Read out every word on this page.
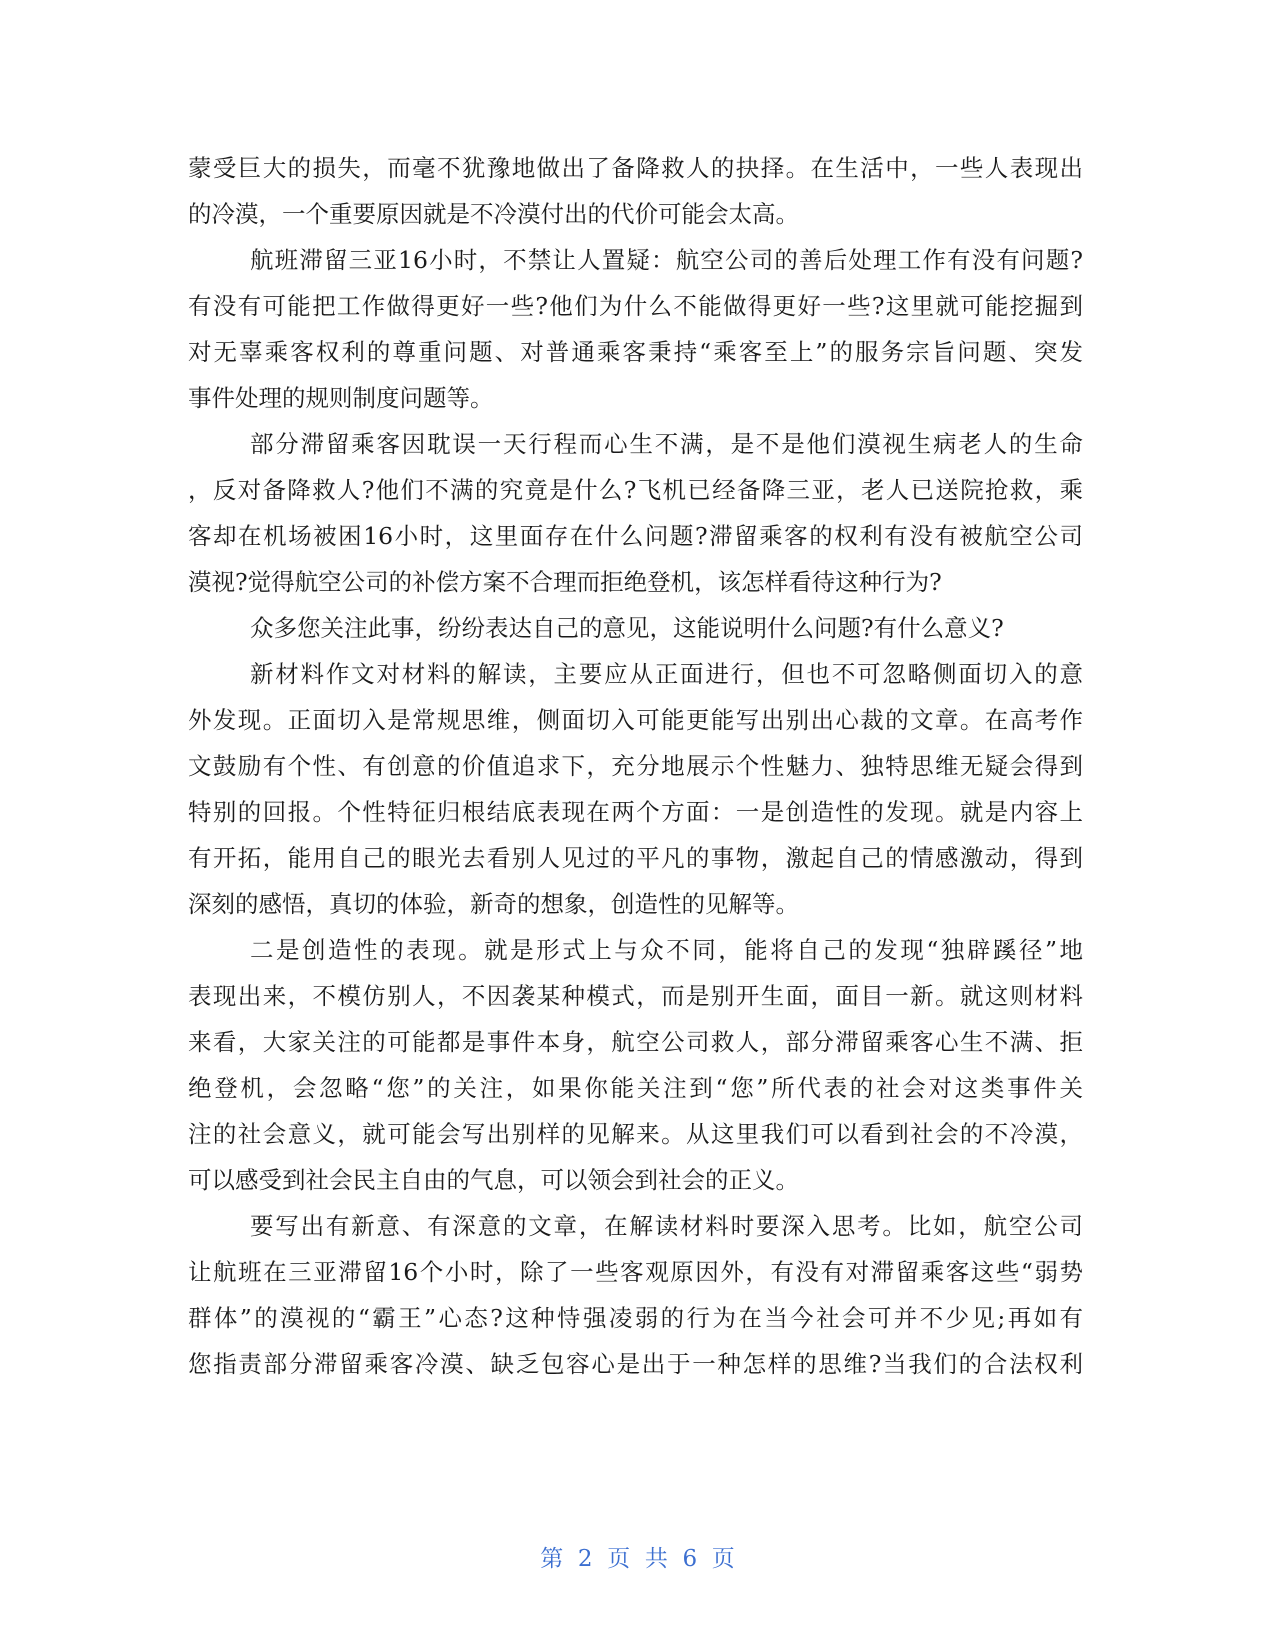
蒙受巨大的损失，而毫不犹豫地做出了备降救人的抉择。在生活中，一些人表现出
的冷漠，一个重要原因就是不冷漠付出的代价可能会太高。
航班滞留三亚16小时，不禁让人置疑：航空公司的善后处理工作有没有问题?
有没有可能把工作做得更好一些?他们为什么不能做得更好一些?这里就可能挖掘到
对无辜乘客权利的尊重问题、对普通乘客秉持“乘客至上”的服务宗旨问题、突发
事件处理的规则制度问题等。
部分滞留乘客因耽误一天行程而心生不满，是不是他们漠视生病老人的生命
，反对备降救人?他们不满的究竟是什么?飞机已经备降三亚，老人已送院抢救，乘
客却在机场被困16小时，这里面存在什么问题?滞留乘客的权利有没有被航空公司
漠视?觉得航空公司的补偿方案不合理而拒绝登机，该怎样看待这种行为?
众多您关注此事，纷纷表达自己的意见，这能说明什么问题?有什么意义?
新材料作文对材料的解读，主要应从正面进行，但也不可忽略侧面切入的意
外发现。正面切入是常规思维，侧面切入可能更能写出别出心裁的文章。在高考作
文鼓励有个性、有创意的价值追求下，充分地展示个性魅力、独特思维无疑会得到
特别的回报。个性特征归根结底表现在两个方面：一是创造性的发现。就是内容上
有开拓，能用自己的眼光去看别人见过的平凡的事物，激起自己的情感激动，得到
深刻的感悟，真切的体验，新奇的想象，创造性的见解等。
二是创造性的表现。就是形式上与众不同，能将自己的发现“独辟蹊径”地
表现出来，不模仿别人，不因袭某种模式，而是别开生面，面目一新。就这则材料
来看，大家关注的可能都是事件本身，航空公司救人，部分滞留乘客心生不满、拒
绝登机，会忽略“您”的关注，如果你能关注到“您”所代表的社会对这类事件关
注的社会意义，就可能会写出别样的见解来。从这里我们可以看到社会的不冷漠，
可以感受到社会民主自由的气息，可以领会到社会的正义。
要写出有新意、有深意的文章，在解读材料时要深入思考。比如，航空公司
让航班在三亚滞留16个小时，除了一些客观原因外，有没有对滞留乘客这些“弱势
群体”的漠视的“霸王”心态?这种恃强凌弱的行为在当今社会可并不少见;再如有
您指责部分滞留乘客冷漠、缺乏包容心是出于一种怎样的思维?当我们的合法权利
第 2 页 共 6 页
